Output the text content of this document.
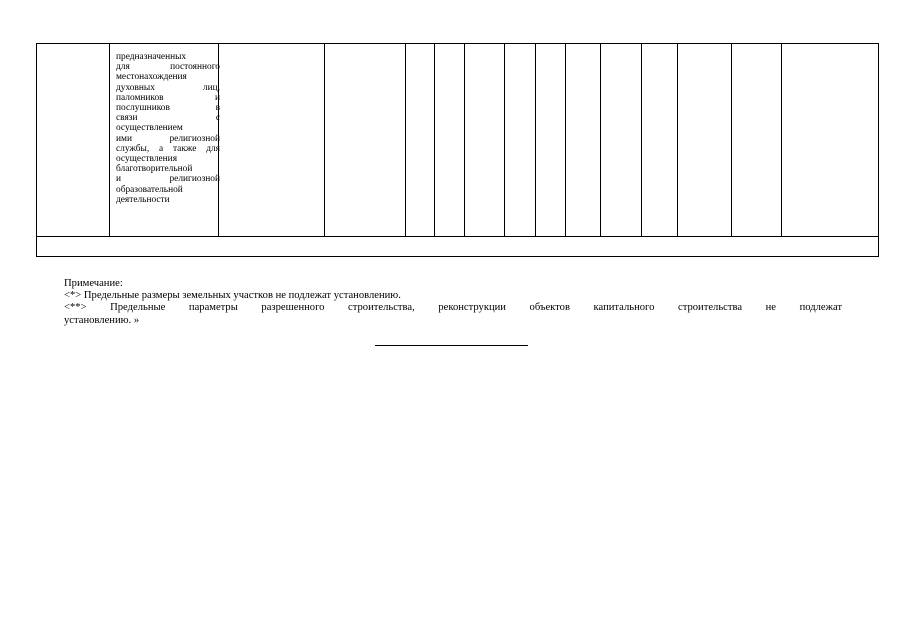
предназначенных
для постоянного
местонахождения
духовных лиц,
паломников и
послушников в
связи с
осуществлением
ими религиозной
службы, а также для
осуществления
благотворительной
и религиозной
образовательной
деятельности

Примечание:

<*> Предельные размеры земельных участков не подлежат установлению.

<**> Предельные параметры разрешенного строительства, реконструкции объектов капитального строительства не подлежат

установлению. »
